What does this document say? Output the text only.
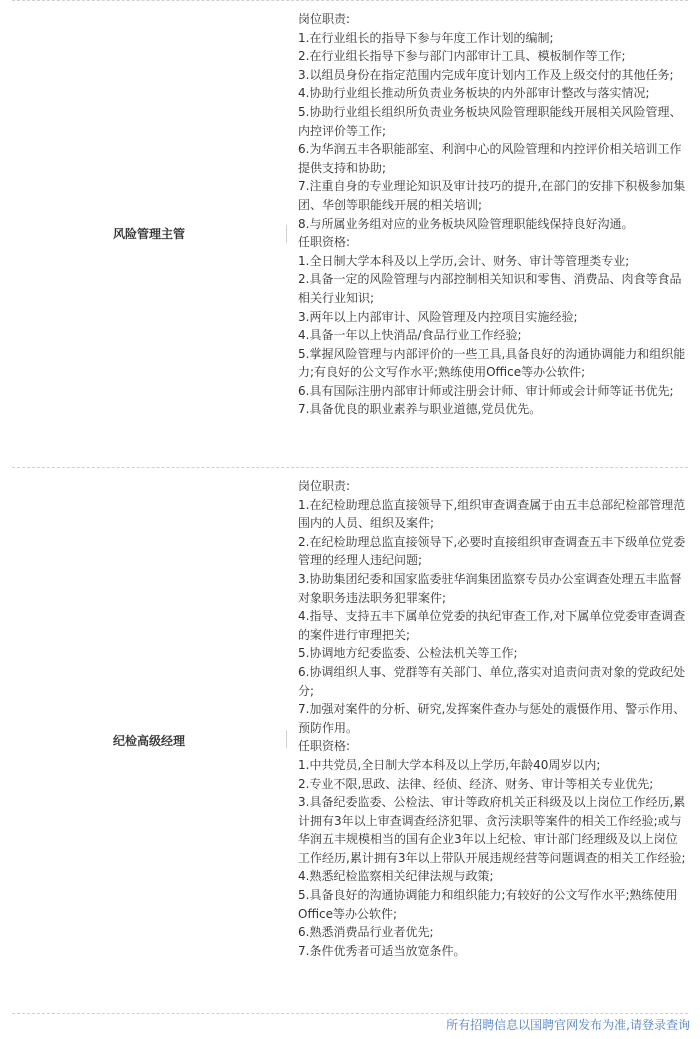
风险管理主管
纪检高级经理
岗位职责:
1.在行业组长的指导下参与年度工作计划的编制;
2.在行业组长指导下参与部门内部审计工具、模板制作等工作;
3.以组员身份在指定范围内完成年度计划内工作及上级交付的其他任务;
4.协助行业组长推动所负责业务板块的内外部审计整改与落实情况;
5.协助行业组长组织所负责业务板块风险管理职能线开展相关风险管理、内控评价等工作;
6.为华润五丰各职能部室、利润中心的风险管理和内控评价相关培训工作提供支持和协助;
7.注重自身的专业理论知识及审计技巧的提升,在部门的安排下积极参加集团、华创等职能线开展的相关培训;
8.与所属业务组对应的业务板块风险管理职能线保持良好沟通。
任职资格:
1.全日制大学本科及以上学历,会计、财务、审计等管理类专业;
2.具备一定的风险管理与内部控制相关知识和零售、消费品、肉食等食品相关行业知识;
3.两年以上内部审计、风险管理及内控项目实施经验;
4.具备一年以上快消品/食品行业工作经验;
5.掌握风险管理与内部评价的一些工具,具备良好的沟通协调能力和组织能力;有良好的公文写作水平;熟练使用Office等办公软件;
6.具有国际注册内部审计师或注册会计师、审计师或会计师等证书优先;
7.具备优良的职业素养与职业道德,党员优先。
岗位职责:
1.在纪检助理总监直接领导下,组织审查调查属于由五丰总部纪检部管理范围内的人员、组织及案件;
2.在纪检助理总监直接领导下,必要时直接组织审查调查五丰下级单位党委管理的经理人违纪问题;
3.协助集团纪委和国家监委驻华润集团监察专员办公室调查处理五丰监督对象职务违法职务犯罪案件;
4.指导、支持五丰下属单位党委的执纪审查工作,对下属单位党委审查调查的案件进行审理把关;
5.协调地方纪委监委、公检法机关等工作;
6.协调组织人事、党群等有关部门、单位,落实对追责问责对象的党政纪处分;
7.加强对案件的分析、研究,发挥案件查办与惩处的震慑作用、警示作用、预防作用。
任职资格:
1.中共党员,全日制大学本科及以上学历,年龄40周岁以内;
2.专业不限,思政、法律、经侦、经济、财务、审计等相关专业优先;
3.具备纪委监委、公检法、审计等政府机关正科级及以上岗位工作经历,累计拥有3年以上审查调查经济犯罪、贪污渎职等案件的相关工作经验;或与华润五丰规模相当的国有企业3年以上纪检、审计部门经理级及以上岗位工作经历,累计拥有3年以上带队开展违规经营等问题调查的相关工作经验;
4.熟悉纪检监察相关纪律法规与政策;
5.具备良好的沟通协调能力和组织能力;有较好的公文写作水平;熟练使用Office等办公软件;
6.熟悉消费品行业者优先;
7.条件优秀者可适当放宽条件。
所有招聘信息以国聘官网发布为准,请登录查询
